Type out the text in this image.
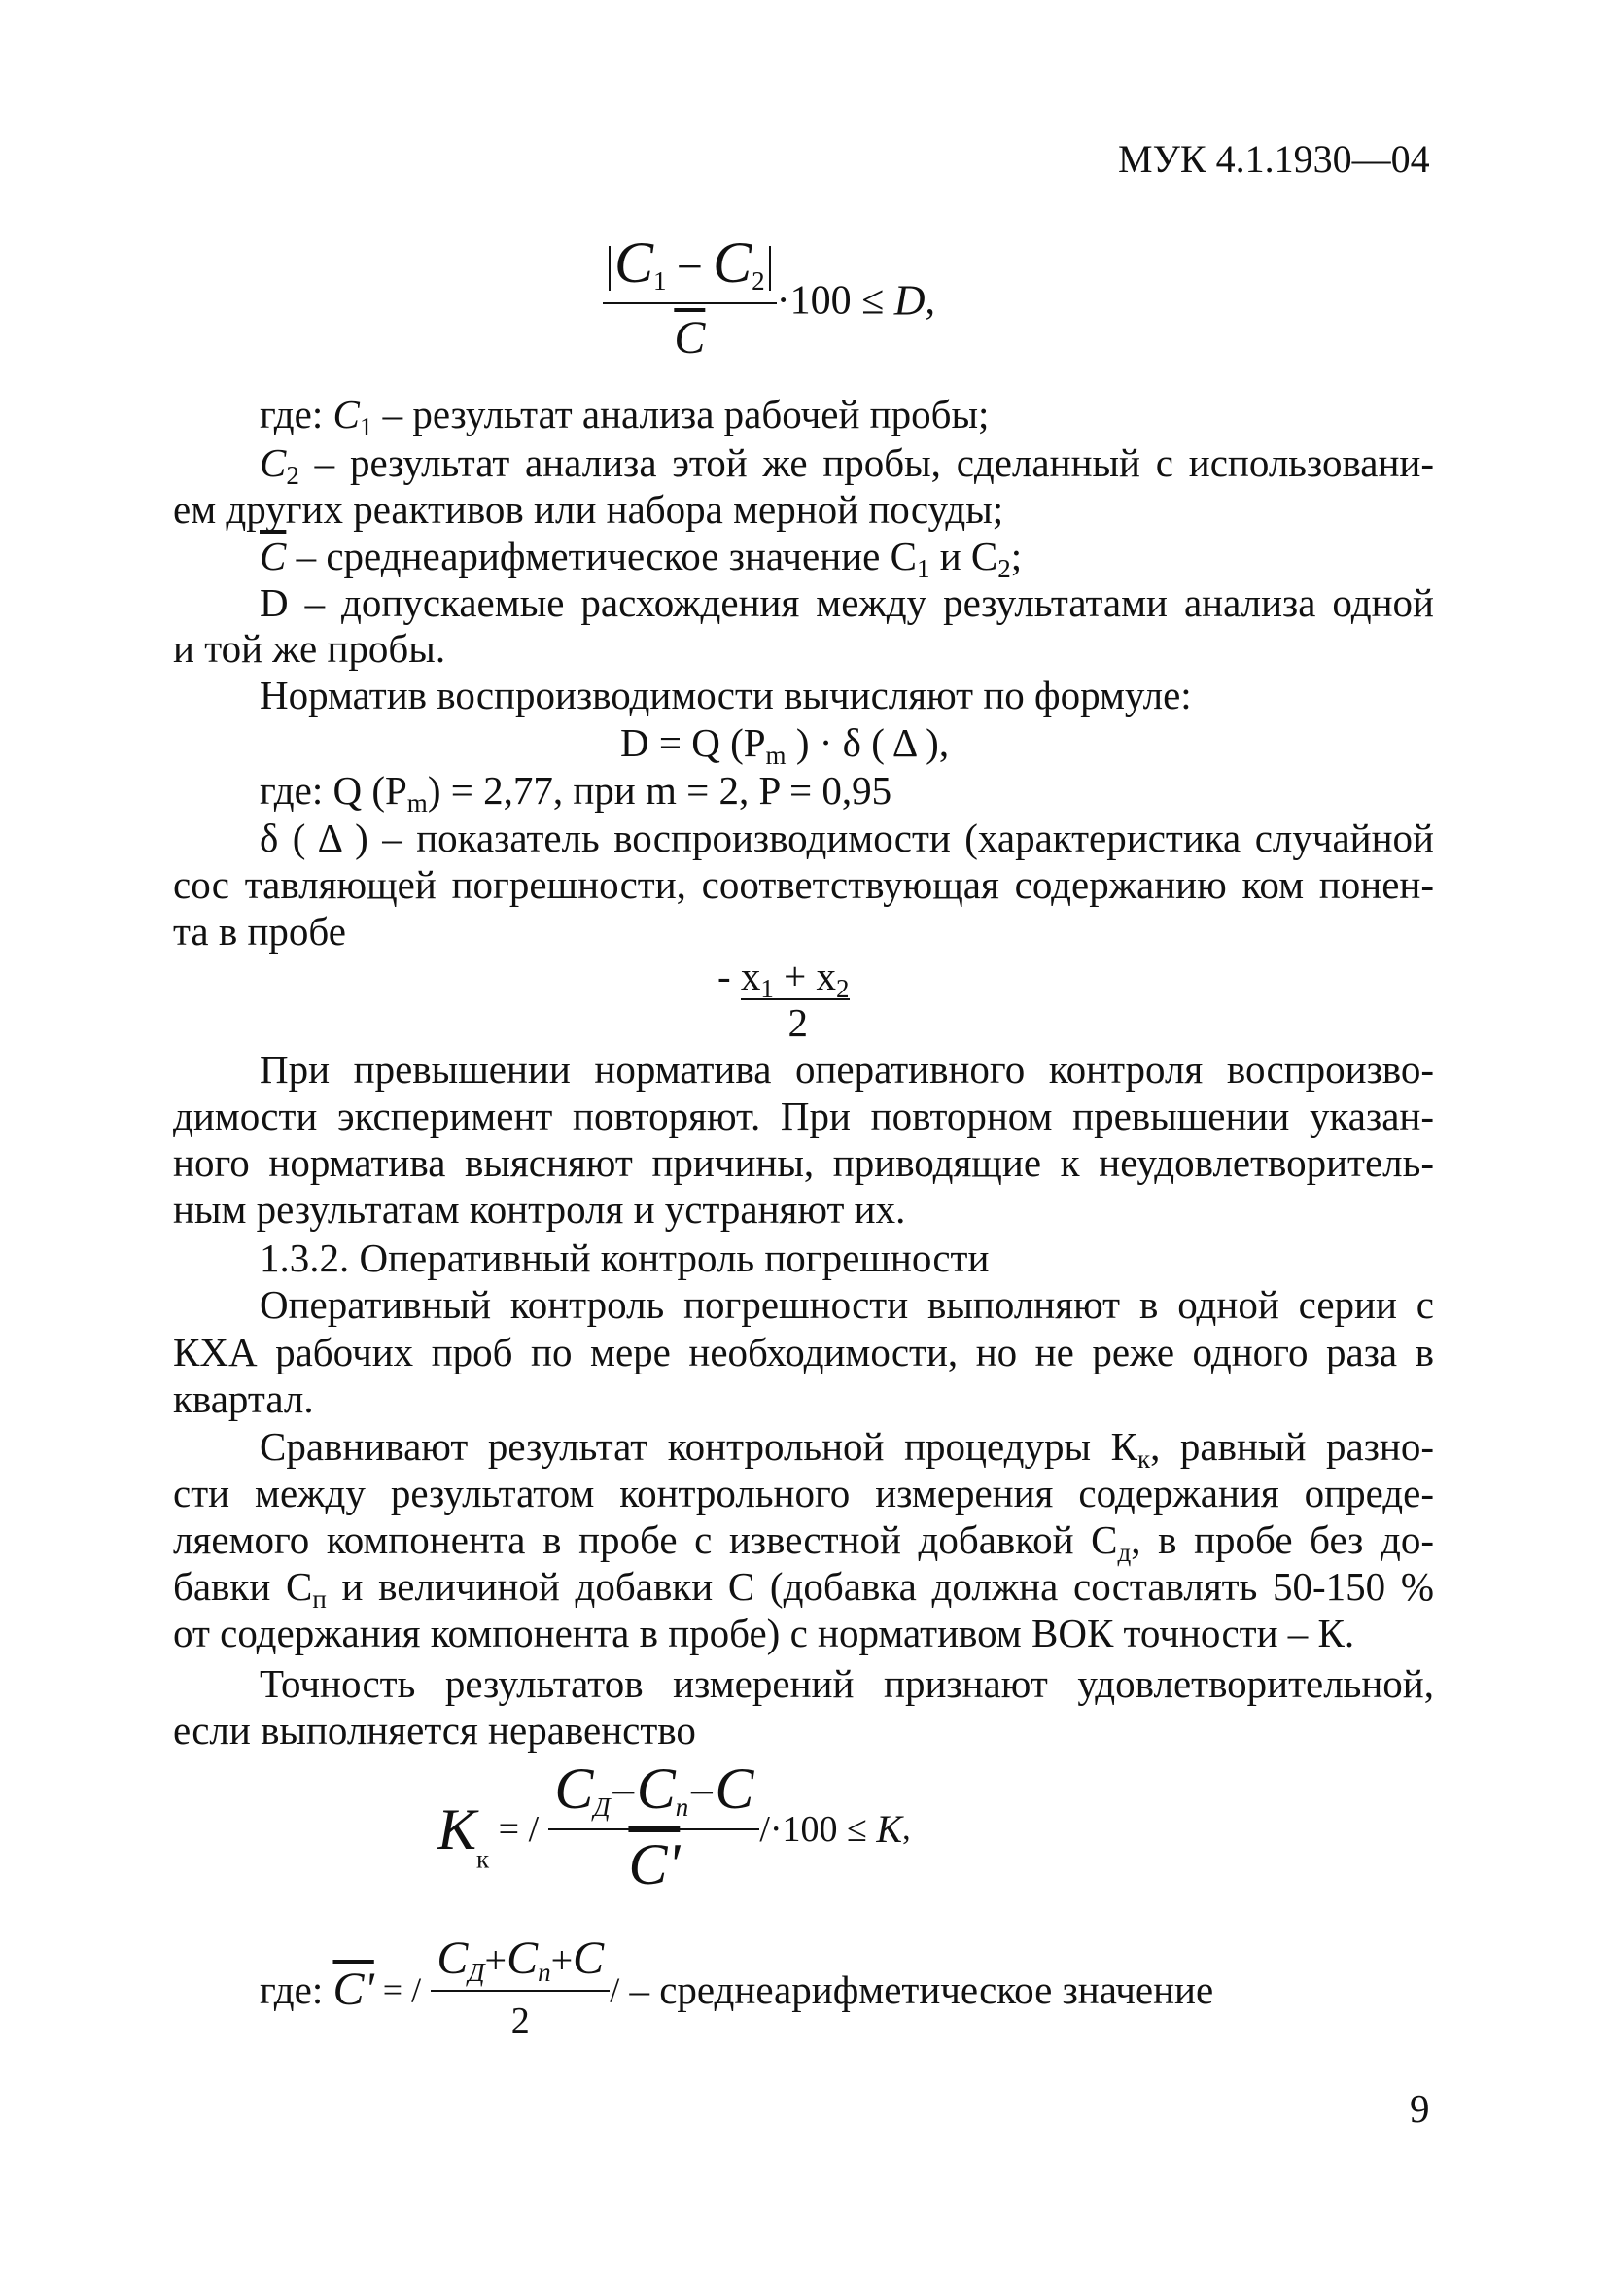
МУК 4.1.1930—04
$\frac{C_1 - C_2}{C} \cdot 100 \le D$,
где: $C_1$ – результат анализа рабочей пробы;
$C_2$ – результат анализа этой же пробы, сделанный с использовани-
ем других реактивов или набора мерной посуды;
$\overline{C}$ – среднеарифметическое значение $С_1$ и $С_2$;
D – допускаемые расхождения между результатами анализа одной
и той же пробы.
Норматив воспроизводимости вычисляют по формуле:
D = Q ($P_m$ ) · δ ( Δ ),
где: Q $(P_m) = 2,77$, при m = 2, P = 0,95
δ ( Δ ) – показатель воспроизводимости (характеристика случайной
сос тавляющей погрешности, соответствующая содержанию ком понен-
та в пробе
- $x_1 + x_2$
2
При превышении норматива оперативного контроля воспроизво-
димости эксперимент повторяют. При повторном превышении указан-
ного норматива выясняют причины, приводящие к неудовлетворитель-
ным результатам контроля и устраняют их.
1.3.2. Оперативный контроль погрешности
Оперативный контроль погрешности выполняют в одной серии с
КХА рабочих проб по мере необходимости, но не реже одного раза в
квартал.
Сравнивают результат контрольной процедуры $К_к$, равный разно-
сти между результатом контрольного измерения содержания опреде-
ляемого компонента в пробе с известной добавкой $С_д$, в пробе без до-
бавки $С_п$ и величиной добавки С (добавка должна составлять 50-150 %
от содержания компонента в пробе) с нормативом ВОК точности – К.
Точность результатов измерений признают удовлетворительной,
если выполняется неравенство
$K_к$ = / $\frac{C_Д-C_п-C}{C'} /\cdot 100 \le K$,
где: C' = / $\frac{C_Д+C_п+C}{2}$ / – среднеарифметическое значение
9
